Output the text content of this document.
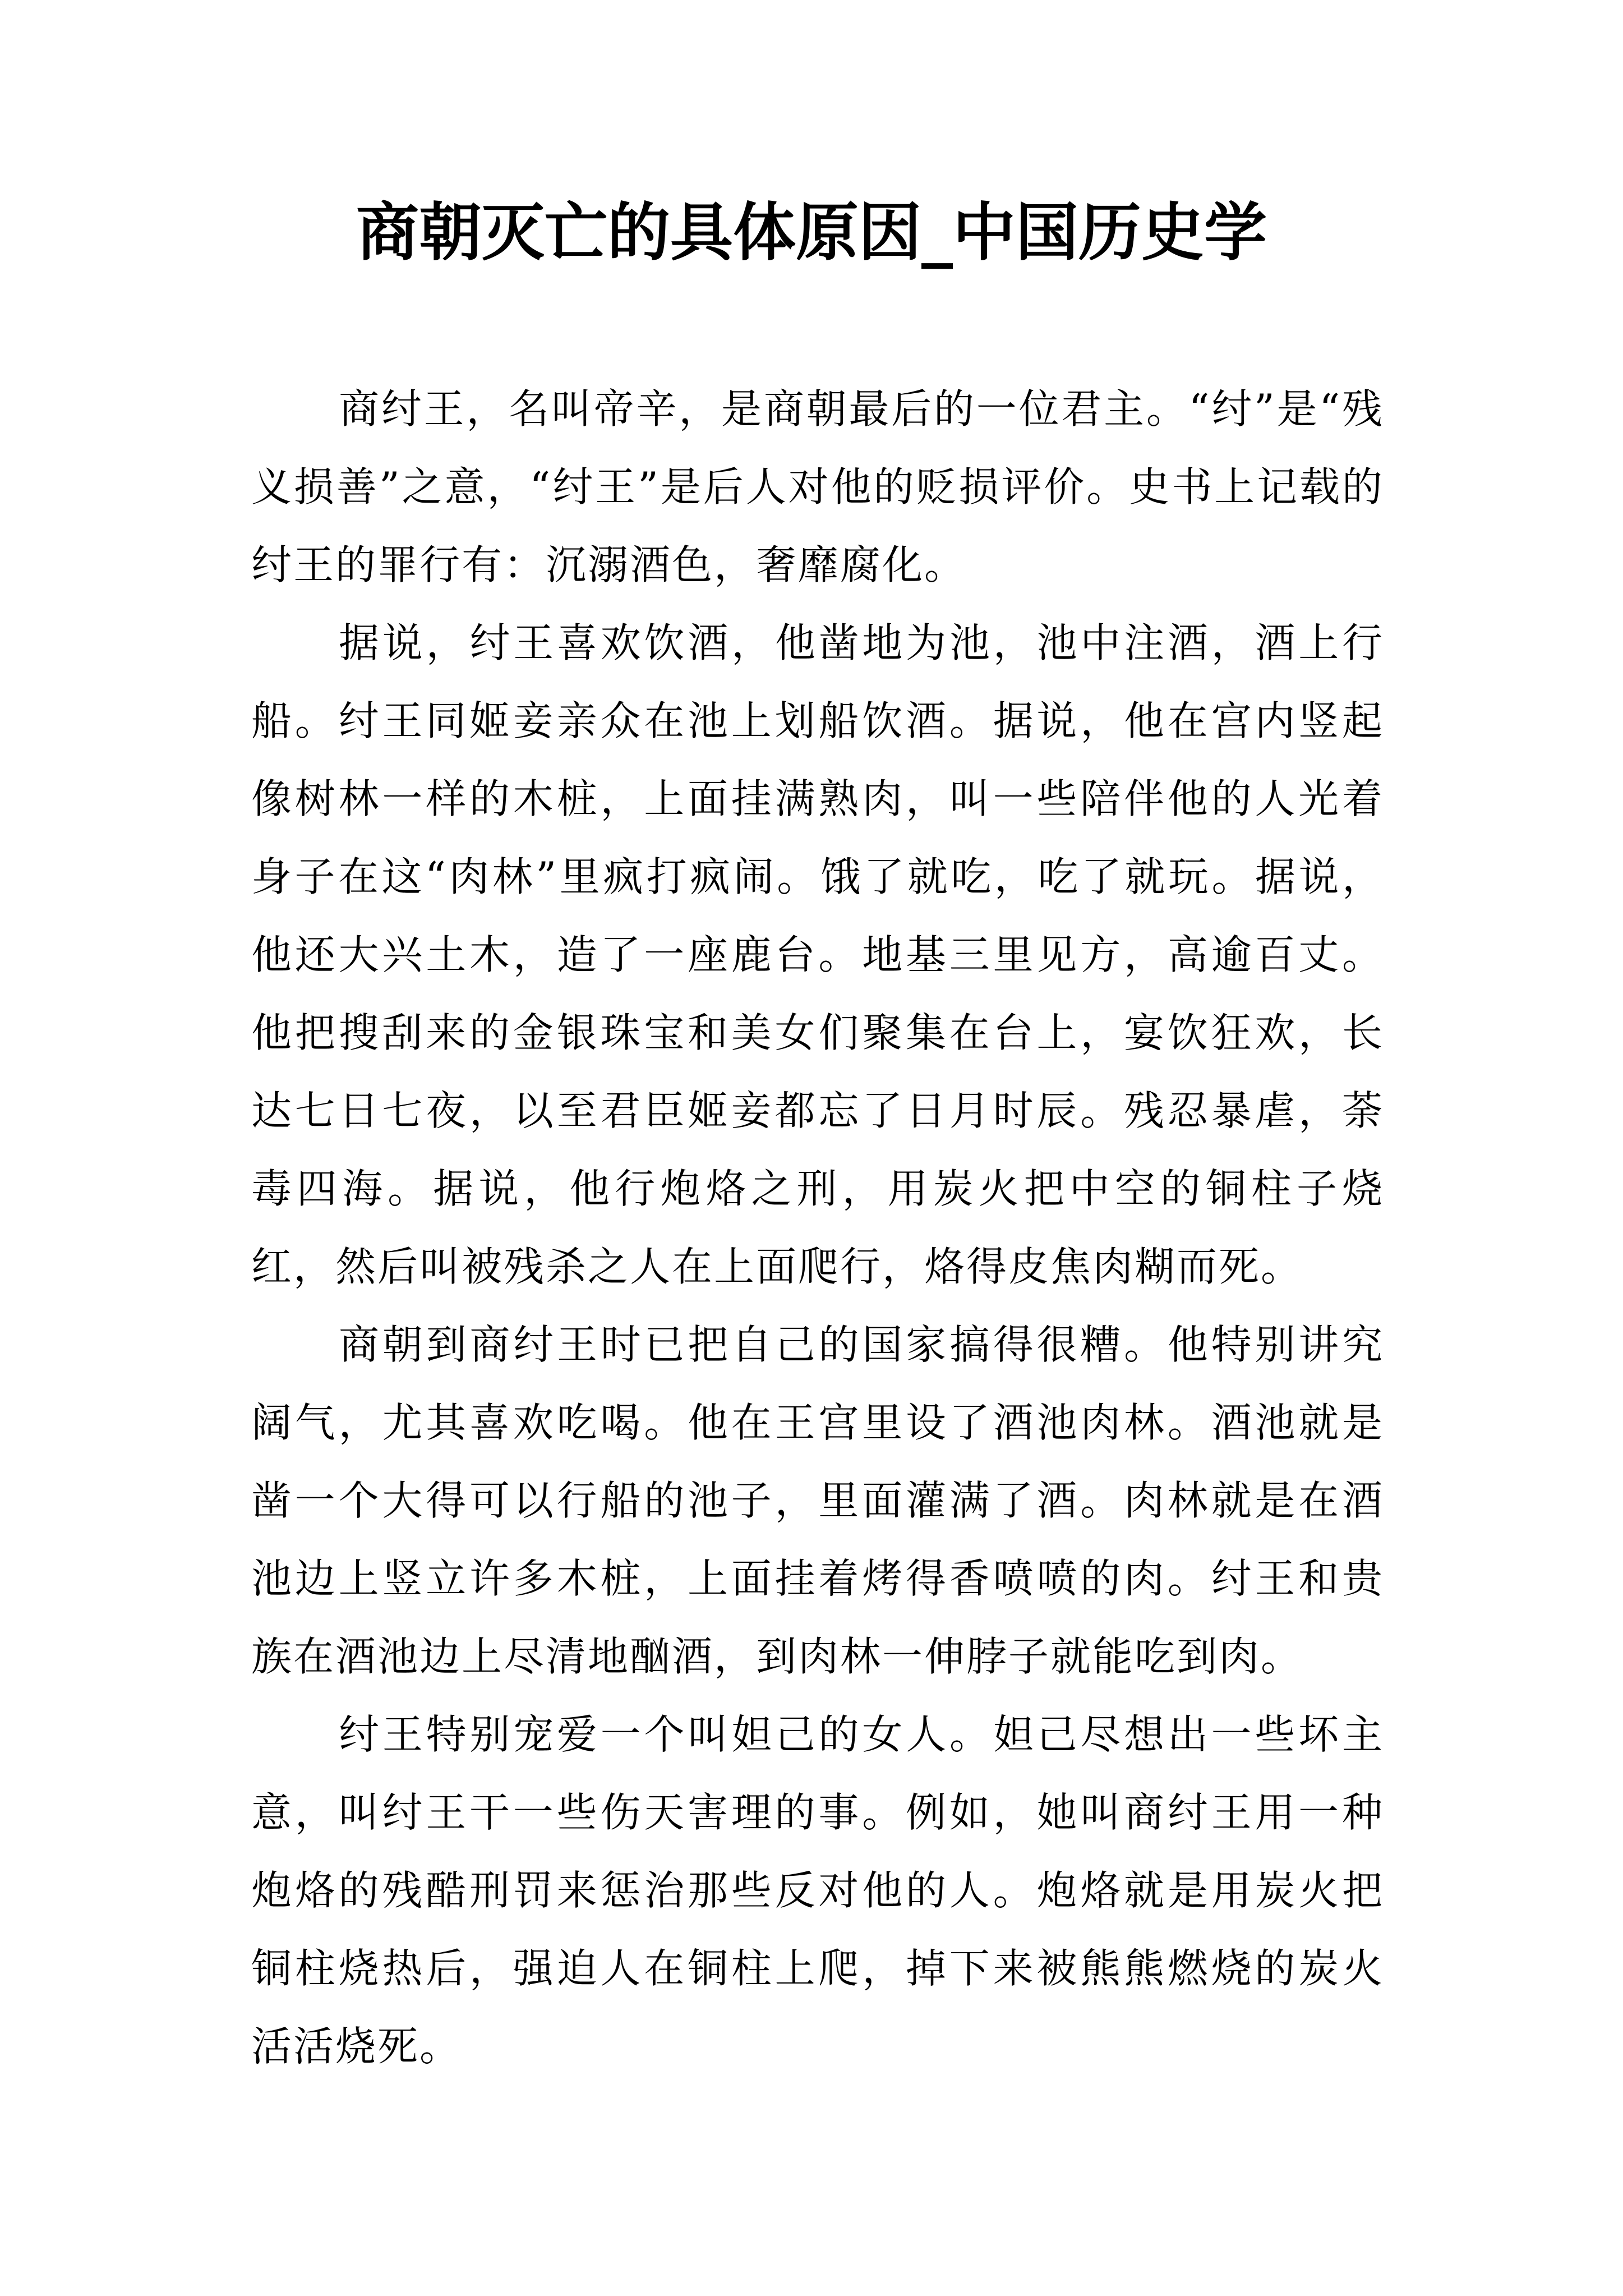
商朝灭亡的具体原因_中国历史学

商纣王，名叫帝辛，是商朝最后的一位君主。“纣”是“残义损善”之意，“纣王”是后人对他的贬损评价。史书上记载的纣王的罪行有：沉溺酒色，奢靡腐化。

据说，纣王喜欢饮酒，他凿地为池，池中注酒，酒上行船。纣王同姬妾亲众在池上划船饮酒。据说，他在宫内竖起像树林一样的木桩，上面挂满熟肉，叫一些陪伴他的人光着身子在这“肉林”里疯打疯闹。饿了就吃，吃了就玩。据说，他还大兴土木，造了一座鹿台。地基三里见方，高逾百丈。他把搜刮来的金银珠宝和美女们聚集在台上，宴饮狂欢，长达七日七夜，以至君臣姬妾都忘了日月时辰。残忍暴虐，荼毒四海。据说，他行炮烙之刑，用炭火把中空的铜柱子烧红，然后叫被残杀之人在上面爬行，烙得皮焦肉糊而死。

商朝到商纣王时已把自己的国家搞得很糟。他特别讲究阔气，尤其喜欢吃喝。他在王宫里设了酒池肉林。酒池就是凿一个大得可以行船的池子，里面灌满了酒。肉林就是在酒池边上竖立许多木桩，上面挂着烤得香喷喷的肉。纣王和贵族在酒池边上尽清地酗酒，到肉林一伸脖子就能吃到肉。

纣王特别宠爱一个叫妲己的女人。妲己尽想出一些坏主意，叫纣王干一些伤天害理的事。例如，她叫商纣王用一种炮烙的残酷刑罚来惩治那些反对他的人。炮烙就是用炭火把铜柱烧热后，强迫人在铜柱上爬，掉下来被熊熊燃烧的炭火活活烧死。
